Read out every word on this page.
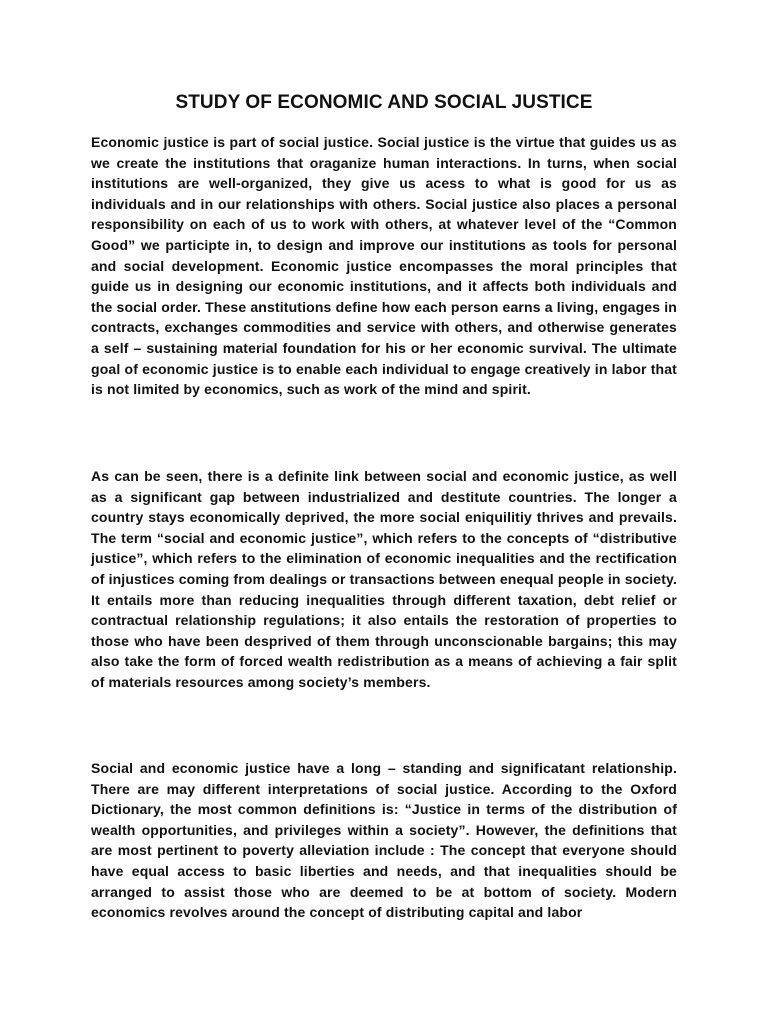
STUDY OF ECONOMIC AND SOCIAL JUSTICE

Economic justice is part of social justice. Social justice is the virtue that guides us as we create the institutions that oraganize human interactions. In turns, when social institutions are well-organized, they give us acess to what is good for us as individuals and in our relationships with others. Social justice also places a personal responsibility on each of us to work with others, at whatever level of the “Common Good” we participte in, to design and improve our institutions as tools for personal and social development. Economic justice encompasses the moral principles that guide us in designing our economic institutions, and it affects both individuals and the social order. These anstitutions define how each person earns a living, engages in contracts, exchanges commodities and service with others, and otherwise generates a self – sustaining material foundation for his or her economic survival. The ultimate goal of economic justice is to enable each individual to engage creatively in labor that is not limited by economics, such as work of the mind and spirit.

As can be seen, there is a definite link between social and economic justice, as well as a significant gap between industrialized and destitute countries. The longer a country stays economically deprived, the more social eniquilitiy thrives and prevails. The term “social and economic justice”, which refers to the concepts of “distributive justice”, which refers to the elimination of economic inequalities and the rectification of injustices coming from dealings or transactions between enequal people in society. It entails more than reducing inequalities through different taxation, debt relief or contractual relationship regulations; it also entails the restoration of properties to those who have been desprived of them through unconscionable bargains; this may also take the form of forced wealth redistribution as a means of achieving a fair split of materials resources among society’s members.

Social and economic justice have a long – standing and significatant relationship. There are may different interpretations of social justice. According to the Oxford Dictionary, the most common definitions is: “Justice in terms of the distribution of wealth opportunities, and privileges within a society”. However, the definitions that are most pertinent to poverty alleviation include : The concept that everyone should have equal access to basic liberties and needs, and that inequalities should be arranged to assist those who are deemed to be at bottom of society. Modern economics revolves around the concept of distributing capital and labor
